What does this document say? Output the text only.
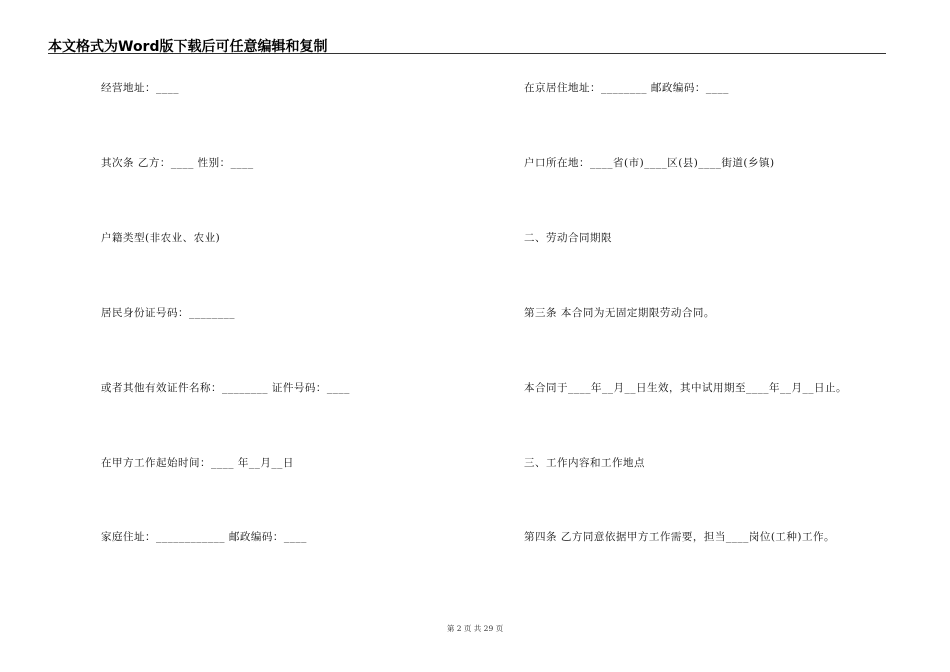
本文格式为Word版下载后可任意编辑和复制
经营地址：____
其次条 乙方：____ 性别：____
户籍类型(非农业、农业)
居民身份证号码：________
或者其他有效证件名称：________ 证件号码：____
在甲方工作起始时间：____ 年__月__日
家庭住址：____________ 邮政编码：____
在京居住地址：________ 邮政编码：____
户口所在地：____省(市)____区(县)____街道(乡镇)
二、劳动合同期限
第三条 本合同为无固定期限劳动合同。
本合同于____年__月__日生效，其中试用期至____年__月__日止。
三、工作内容和工作地点
第四条 乙方同意依据甲方工作需要，担当____岗位(工种)工作。
第 2 页 共 29 页
